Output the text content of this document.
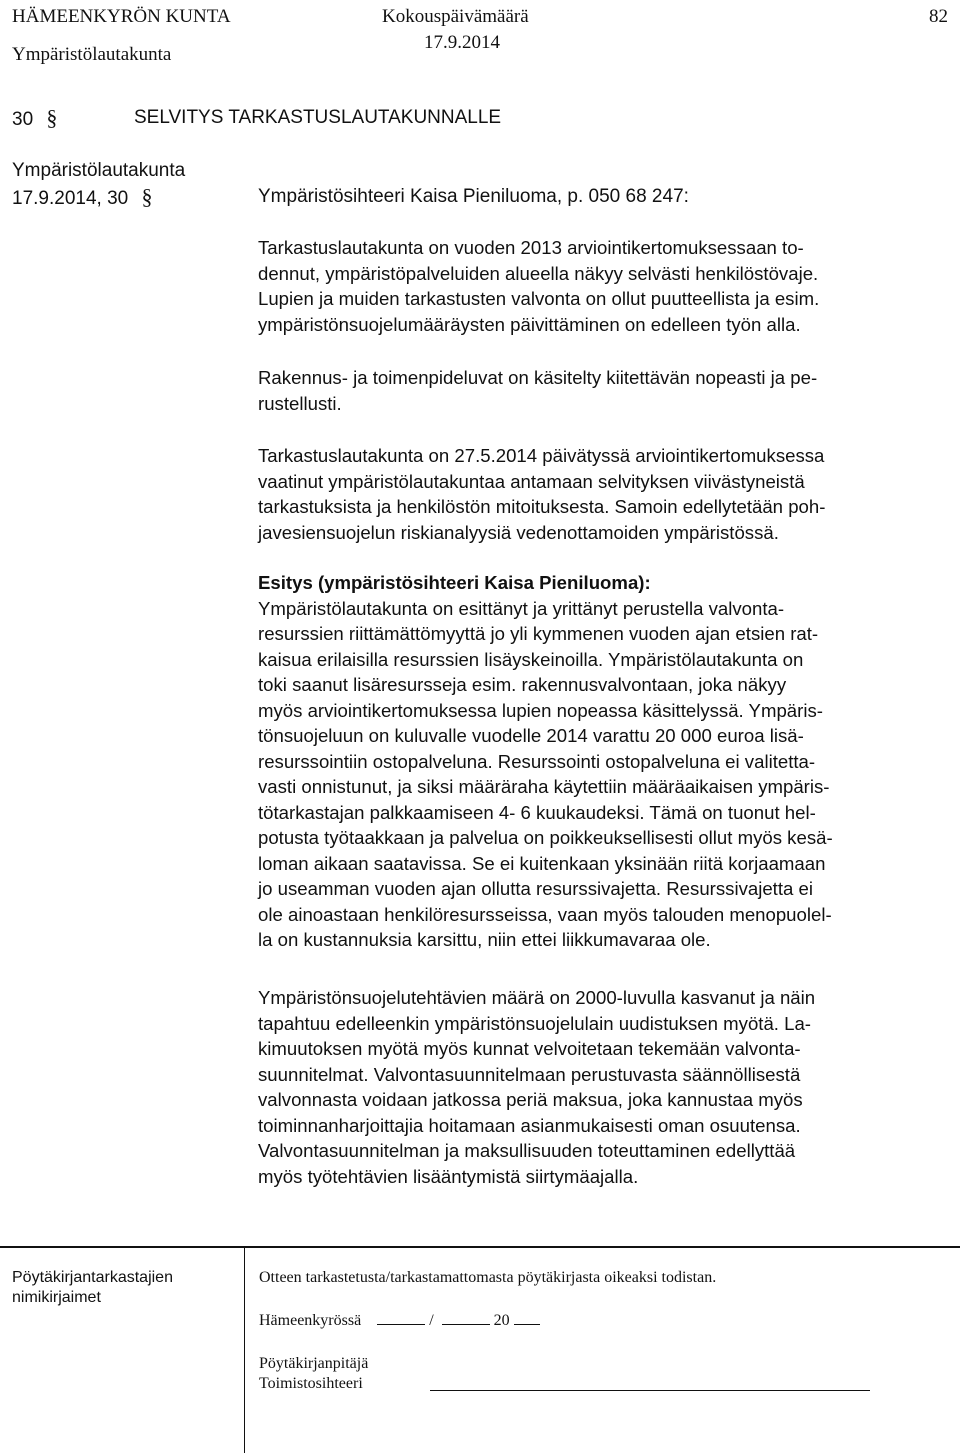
HÄMEENKYRÖN KUNTA
Ympäristölautakunta
Kokouspäivämäärä
17.9.2014
82
30 §	SELVITYS TARKASTUSLAUTAKUNNALLE
Ympäristölautakunta
17.9.2014, 30 §	Ympäristösihteeri Kaisa Pieniluoma, p. 050 68 247:
Tarkastuslautakunta on vuoden 2013 arviointikertomuksessaan to-
dennut, ympäristöpalveluiden alueella näkyy selvästi henkilöstövaje.
Lupien ja muiden tarkastusten valvonta on ollut puutteellista ja esim.
ympäristönsuojelumääräysten päivittäminen on edelleen työn alla.
Rakennus- ja toimenpideluvat on käsitelty kiitettävän nopeasti ja pe-
rustellusti.
Tarkastuslautakunta on 27.5.2014 päivätyssä arviointikertomuksessa
vaatinut ympäristölautakuntaa antamaan selvityksen viivästyneistä
tarkastuksista ja henkilöstön mitoituksesta. Samoin edellytetään poh-
javesiensuojelun riskianalyysiä vedenottamoiden ympäristössä.
Esitys (ympäristösihteeri Kaisa Pieniluoma):
Ympäristölautakunta on esittänyt ja yrittänyt perustella valvonta-
resurssien riittämättömyyttä jo yli kymmenen vuoden ajan etsien rat-
kaisua erilaisilla resurssien lisäyskeinoilla. Ympäristölautakunta on
toki saanut lisäresursseja esim. rakennusvalvontaan, joka näkyy
myös arviointikertomuksessa lupien nopeassa käsittelyssä. Ympäris-
tönsuojeluun on kuluvalle vuodelle 2014 varattu 20 000 euroa lisä-
resurssointiin ostopalveluna. Resurssointi ostopalveluna ei valitetta-
vasti onnistunut, ja siksi määräraha käytettiin määräaikaisen ympäris-
tötarkastajan palkkaamiseen 4- 6 kuukaudeksi. Tämä on tuonut hel-
potusta työtaakkaan ja palvelua on poikkeuksellisesti ollut myös kesä-
loman aikaan saatavissa. Se ei kuitenkaan yksinään riitä korjaamaan
jo useamman vuoden ajan ollutta resurssivajetta. Resurssivajetta ei
ole ainoastaan henkilöresursseissa, vaan myös talouden menopuolel-
la on kustannuksia karsittu, niin ettei liikkumavaraa ole.
Ympäristönsuojelutehtävien määrä on 2000-luvulla kasvanut ja näin
tapahtuu edelleenkin ympäristönsuojelulain uudistuksen myötä. La-
kimuutoksen myötä myös kunnat velvoitetaan tekemään valvonta-
suunnitelmat. Valvontasuunnitelmaan perustuvasta säännöllisestä
valvonnasta voidaan jatkossa periä maksua, joka kannustaa myös
toiminnanharjoittajia hoitamaan asianmukaisesti oman osuutensa.
Valvontasuunnitelman ja maksullisuuden toteuttaminen edellyttää
myös työtehtävien lisääntymistä siirtymäajalla.
Pöytäkirjantarkastajien
nimikirjaimet
Otteen tarkastetusta/tarkastamattomasta pöytäkirjasta oikeaksi todistan.
Hämeenkyrössä	/	20
Pöytäkirjanpitäjä
Toimistosihteeri
